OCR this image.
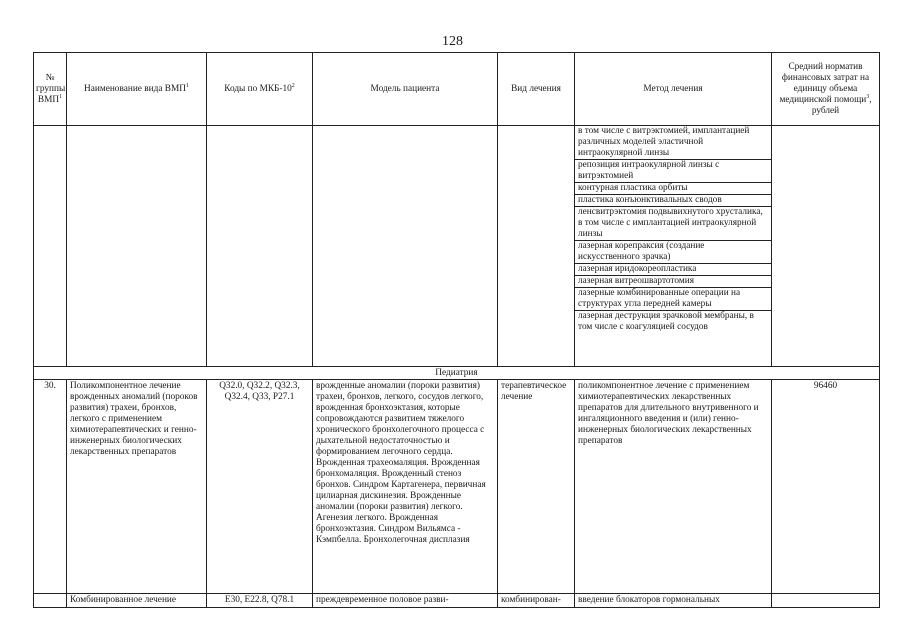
128
№ группы ВМП$^1$	Наименование вида ВМП$^1$	Коды по МКБ-$10^2$	Модель пациента	Вид лечения	Метод лечения	Средний норматив финансовых затрат на единицу объема медицинской помощи$^3$, рублей

в том числе с витрэктомией, имплантацией различных моделей эластичной интраокулярной линзы
репозиция интраокулярной линзы с витрэктомией
контурная пластика орбиты
пластика конъюнктивальных сводов
ленсвитрэктомия подвывихнутого хрусталика, в том числе с имплантацией интраокулярной линзы
лазерная корепраксия (создание искусственного зрачка)
лазерная иридокореопластика
лазерная витреошвартотомия
лазерные комбинированные операции на структурах угла передней камеры
лазерная деструкция зрачковой мембраны, в том числе с коагуляцией сосудов

Педиатрия
30.	Поликомпонентное лечение врожденных аномалий (пороков развития) трахеи, бронхов, легкого с применением химиотерапевтических и генно-инженерных биологических лекарственных препаратов	Q32.0, Q32.2, Q32.3, Q32.4, Q33, P27.1	врожденные аномалии (пороки развития) трахеи, бронхов, легкого, сосудов легкого, врожденная бронхоэктазия, которые сопровождаются развитием тяжелого хронического бронхолегочного процесса с дыхательной недостаточностью и формированием легочного сердца. Врожденная трахеомаляция. Врожденная бронхомаляция. Врожденный стеноз бронхов. Синдром Картагенера, первичная цилиарная дискинезия. Врожденные аномалии (пороки развития) легкого. Агенезия легкого. Врожденная бронхоэктазия. Синдром Вильямса - Кэмпбелла. Бронхолегочная дисплазия	терапевтическое лечение	поликомпонентное лечение с применением химиотерапевтических лекарственных препаратов для длительного внутривенного и ингаляционного введения и (или) генно-инженерных биологических лекарственных препаратов	96460
	Комбинированное лечение	E30, E22.8, Q78.1	преждевременное половое разви-	комбинирован-	введение блокаторов гормональных	
